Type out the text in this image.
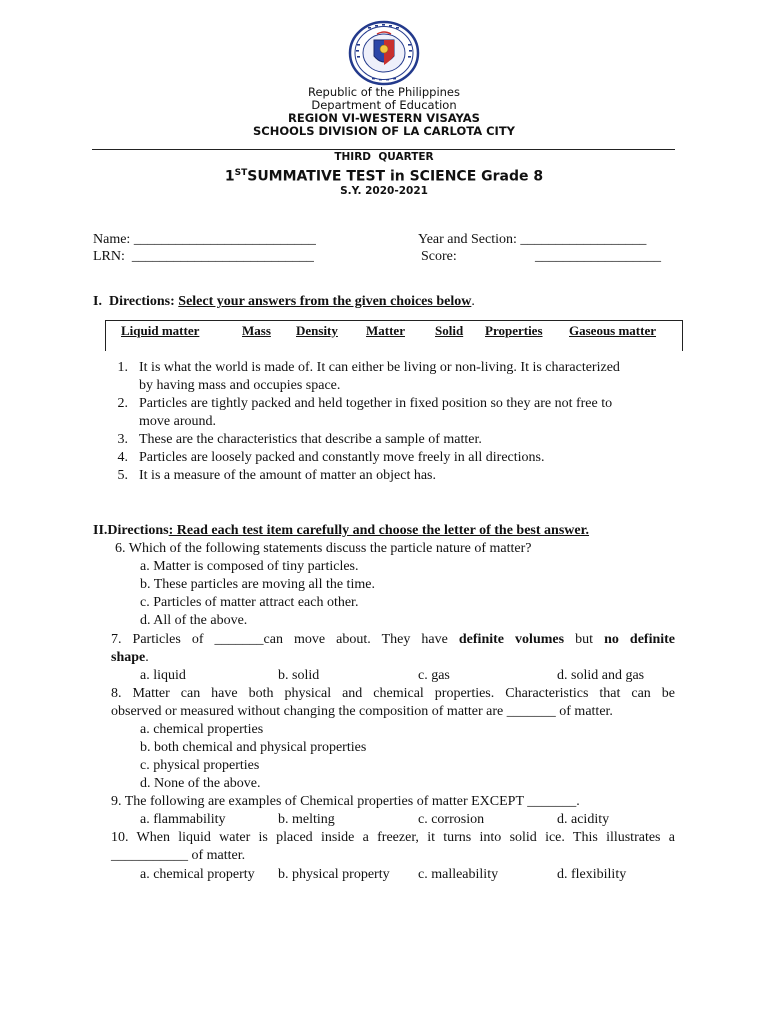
Republic of the Philippines
Department of Education
REGION VI-WESTERN VISAYAS
SCHOOLS DIVISION OF LA CARLOTA CITY
THIRD  QUARTER
1STSUMMATIVE TEST in SCIENCE Grade 8
S.Y. 2020-2021
Name: __________________________
LRN: __________________________
Year and Section: __________________
Score:	__________________
I. Directions: Select your answers from the given choices below.
Liquid matter	Mass Density Matter Solid Properties Gaseous matter
1. It is what the world is made of. It can either be living or non-living. It is characterized
by having mass and occupies space.
2. Particles are tightly packed and held together in fixed position so they are not free to
move around.
3. These are the characteristics that describe a sample of matter.
4. Particles are loosely packed and constantly move freely in all directions.
5. It is a measure of the amount of matter an object has.
II.Directions: Read each test item carefully and choose the letter of the best answer.
6. Which of the following statements discuss the particle nature of matter?
a. Matter is composed of tiny particles.
b. These particles are moving all the time.
c. Particles of matter attract each other.
d. All of the above.
7. Particles of _______can move about. They have definite volumes but no definite
shape.
a. liquid	b. solid	c. gas	d. solid and gas
8. Matter can have both physical and chemical properties. Characteristics that can be
observed or measured without changing the composition of matter are _______ of matter.
a. chemical properties
b. both chemical and physical properties
c. physical properties
d. None of the above.
9. The following are examples of Chemical properties of matter EXCEPT _______.
a. flammability	b. melting	c. corrosion	d. acidity
10. When liquid water is placed inside a freezer, it turns into solid ice. This illustrates a
___________ of matter.
a. chemical property b. physical property c. malleability	d. flexibility
